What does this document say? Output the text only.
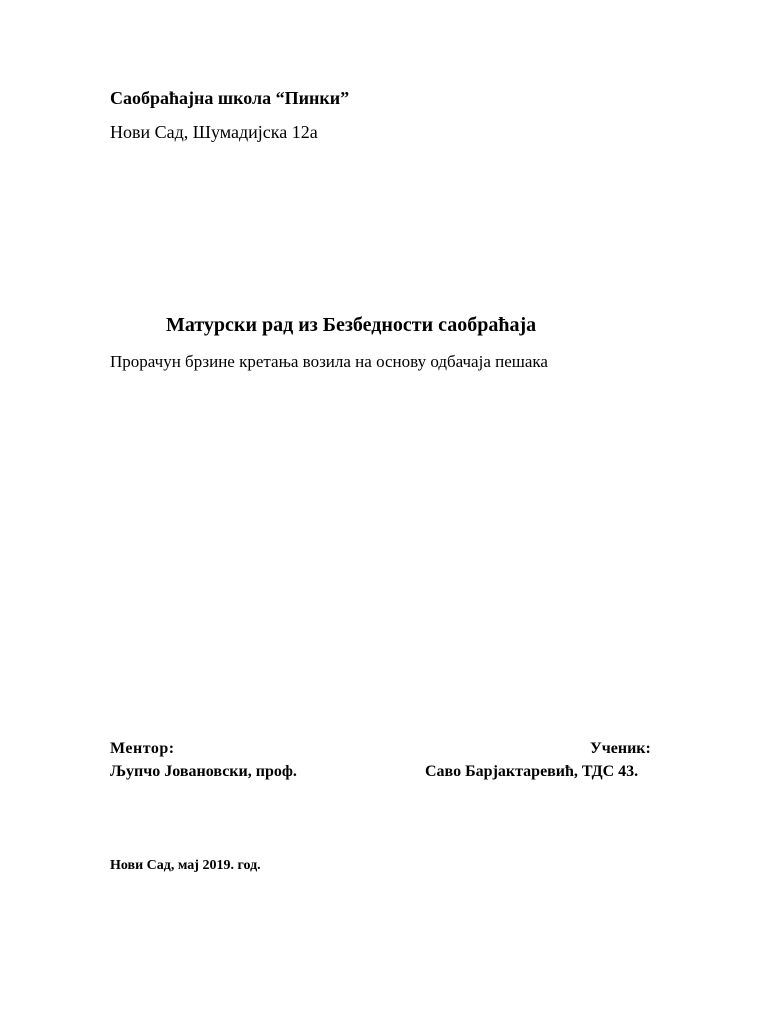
Саобраћајна школа “Пинки”
Нови Сад, Шумадијска 12а
Матурски рад из Безбедности саобраћаја
Прорачун брзине кретања возила на основу одбачаја пешака
Ментор:	Ученик:
Љупчо Јовановски, проф.	Саво Барјактаревић, ТДС 43.
Нови Сад, мај 2019. год.
